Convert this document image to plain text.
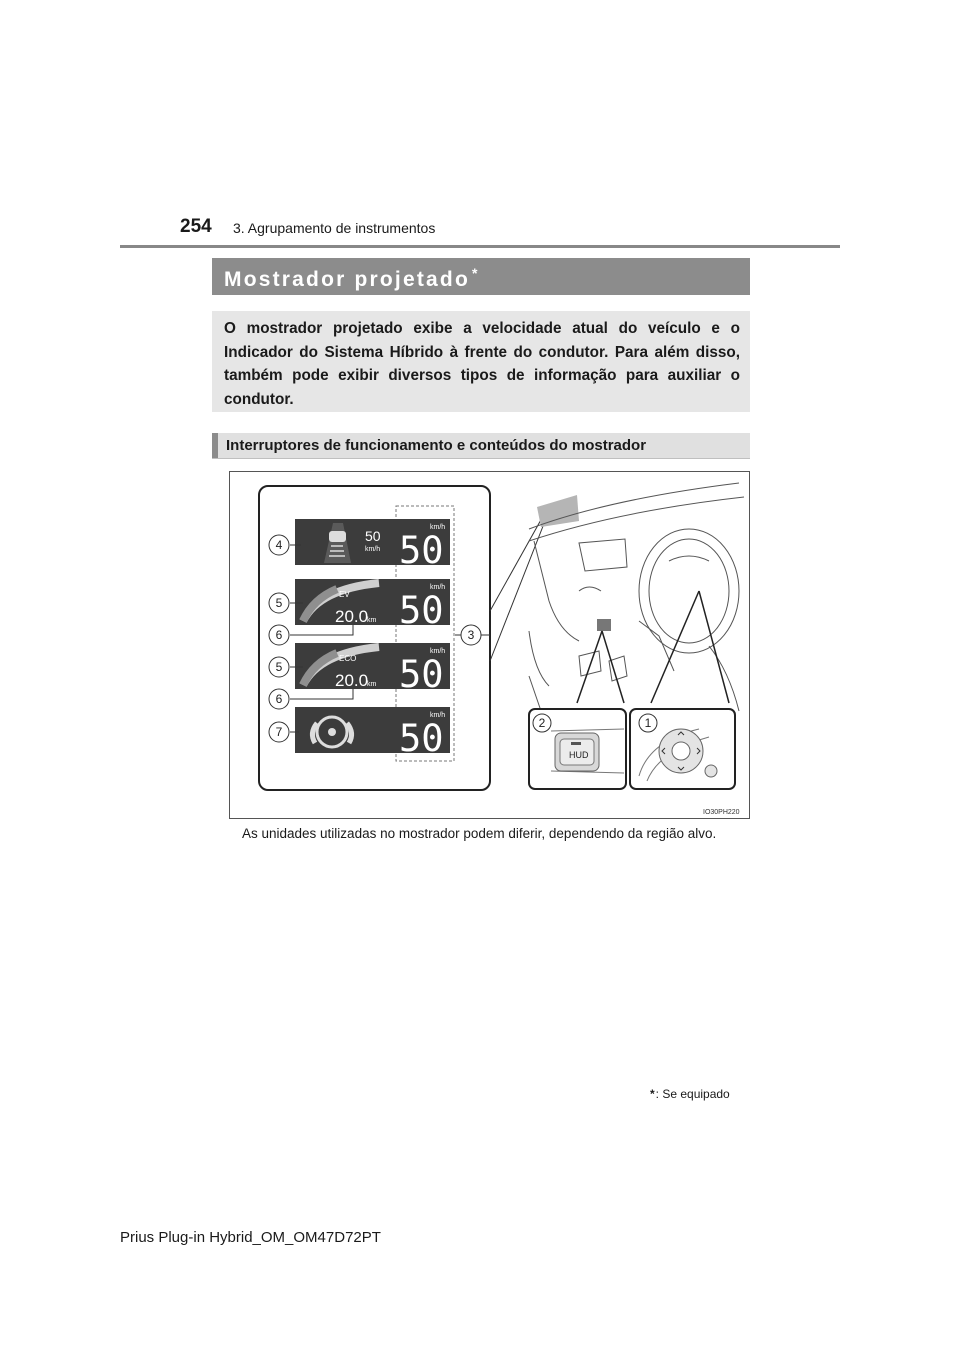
254 3. Agrupamento de instrumentos
Mostrador projetado *
O mostrador projetado exibe a velocidade atual do veículo e o Indicador do Sistema Híbrido à frente do condutor. Para além disso, também pode exibir diversos tipos de informação para auxiliar o condutor.
Interruptores de funcionamento e conteúdos do mostrador
50
km/h
km/h
50
EV
20.0
km
km/h
50
ECO
20.0
km
km/h
50
km/h
50	HUD
4
5
6
5
6
7
3
2	1
IO30PH220
As unidades utilizadas no mostrador podem diferir, dependendo da região alvo.
*: Se equipado
Prius Plug-in Hybrid_OM_OM47D72PT
